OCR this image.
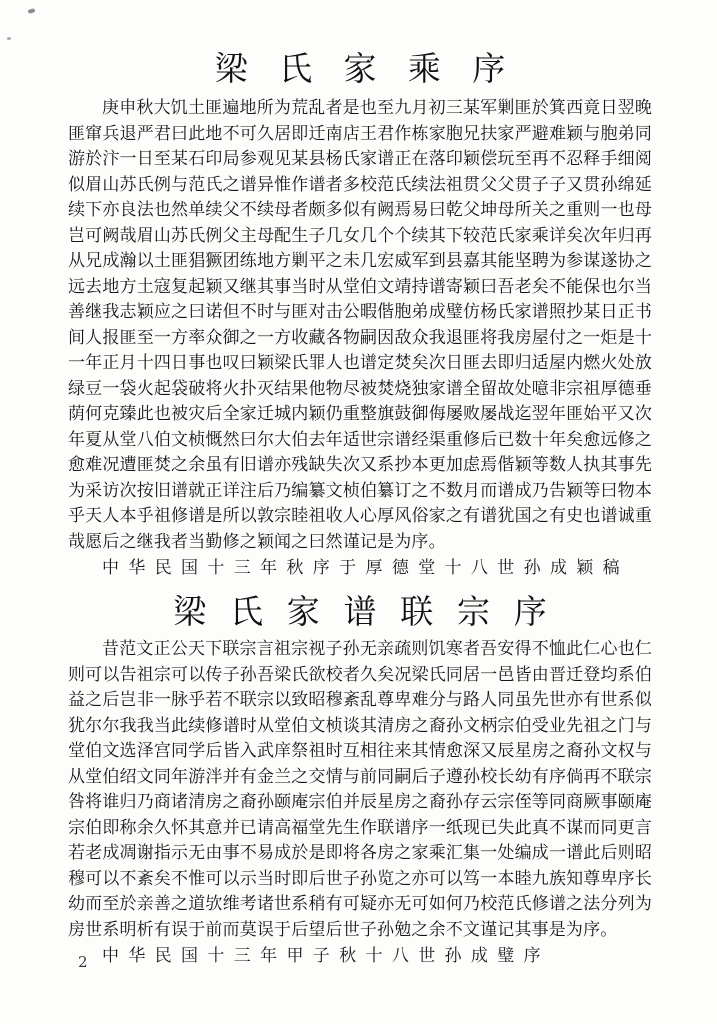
梁氏家乘序
庚申秋大饥土匪遍地所为荒乱者是也至九月初三某军剿匪於箕西竟日翌晚
匪窜兵退严君曰此地不可久居即迁南店王君作栋家胞兄扶家严避难颖与胞弟同
游於汴一日至某石印局参观见某县杨氏家谱正在落印颖偿玩至再不忍释手细阅
似眉山苏氏例与范氏之谱异惟作谱者多校范氏续法祖贯父父贯子子又贯孙绵延
续下亦良法也然单续父不续母者颇多似有阙焉易曰乾父坤母所关之重则一也母
岂可阙哉眉山苏氏例父主母配生子几女几个个续其下较范氏家乘详矣次年归再
从兄成瀚以土匪猖獗团练地方剿平之未几宏威军到县嘉其能坚聘为参谋遂协之
远去地方土寇复起颖又继其事当时从堂伯文靖持谱寄颖曰吾老矣不能保也尔当
善继我志颖应之曰诺但不时与匪对击公暇偕胞弟成璧仿杨氏家谱照抄某日正书
间人报匪至一方率众御之一方收藏各物嗣因敌众我退匪将我房屋付之一炬是十
一年正月十四日事也叹曰颖梁氏罪人也谱定焚矣次日匪去即归适屋内燃火处放
绿豆一袋火起袋破将火扑灭结果他物尽被焚烧独家谱全留故处噫非宗祖厚德垂
荫何克臻此也被灾后全家迁城内颖仍重整旗鼓御侮屡败屡战迄翌年匪始平又次
年夏从堂八伯文桢慨然曰尔大伯去年适世宗谱经渠重修后已数十年矣愈远修之
愈难况遭匪焚之余虽有旧谱亦残缺失次又系抄本更加虑焉偕颖等数人执其事先
为采访次按旧谱就正详注后乃编纂文桢伯纂订之不数月而谱成乃告颖等曰物本
乎天人本乎祖修谱是所以敦宗睦祖收人心厚风俗家之有谱犹国之有史也谱诚重
哉愿后之继我者当勤修之颖闻之曰然谨记是为序。
中华民国十三年秋序于厚德堂十八世孙成颖稿
梁氏家谱联宗序
昔范文正公天下联宗言祖宗视子孙无亲疏则饥寒者吾安得不恤此仁心也仁
则可以告祖宗可以传子孙吾梁氏欲校者久矣况梁氏同居一邑皆由晋迁登均系伯
益之后岂非一脉乎若不联宗以致昭穆紊乱尊卑难分与路人同虽先世亦有世系似
犹尔尔我我当此续修谱时从堂伯文桢谈其清房之裔孙文柄宗伯受业先祖之门与
堂伯文选泽宫同学后皆入武庠祭祖时互相往来其情愈深又辰星房之裔孙文权与
从堂伯绍文同年游泮并有金兰之交情与前同嗣后子遵孙校长幼有序倘再不联宗
咎将谁归乃商诸清房之裔孙颐庵宗伯并辰星房之裔孙存云宗侄等同商厥事颐庵
宗伯即称余久怀其意并已请高福堂先生作联谱序一纸现已失此真不谋而同更言
若老成凋谢指示无由事不易成於是即将各房之家乘汇集一处编成一谱此后则昭
穆可以不紊矣不惟可以示当时即后世子孙览之亦可以笃一本睦九族知尊卑序长
幼而至於亲善之道欤维考诸世系稍有可疑亦无可如何乃校范氏修谱之法分列为
房世系明析有误于前而莫误于后望后世子孙勉之余不文谨记其事是为序。
中华民国十三年甲子秋十八世孙成璧序
2
